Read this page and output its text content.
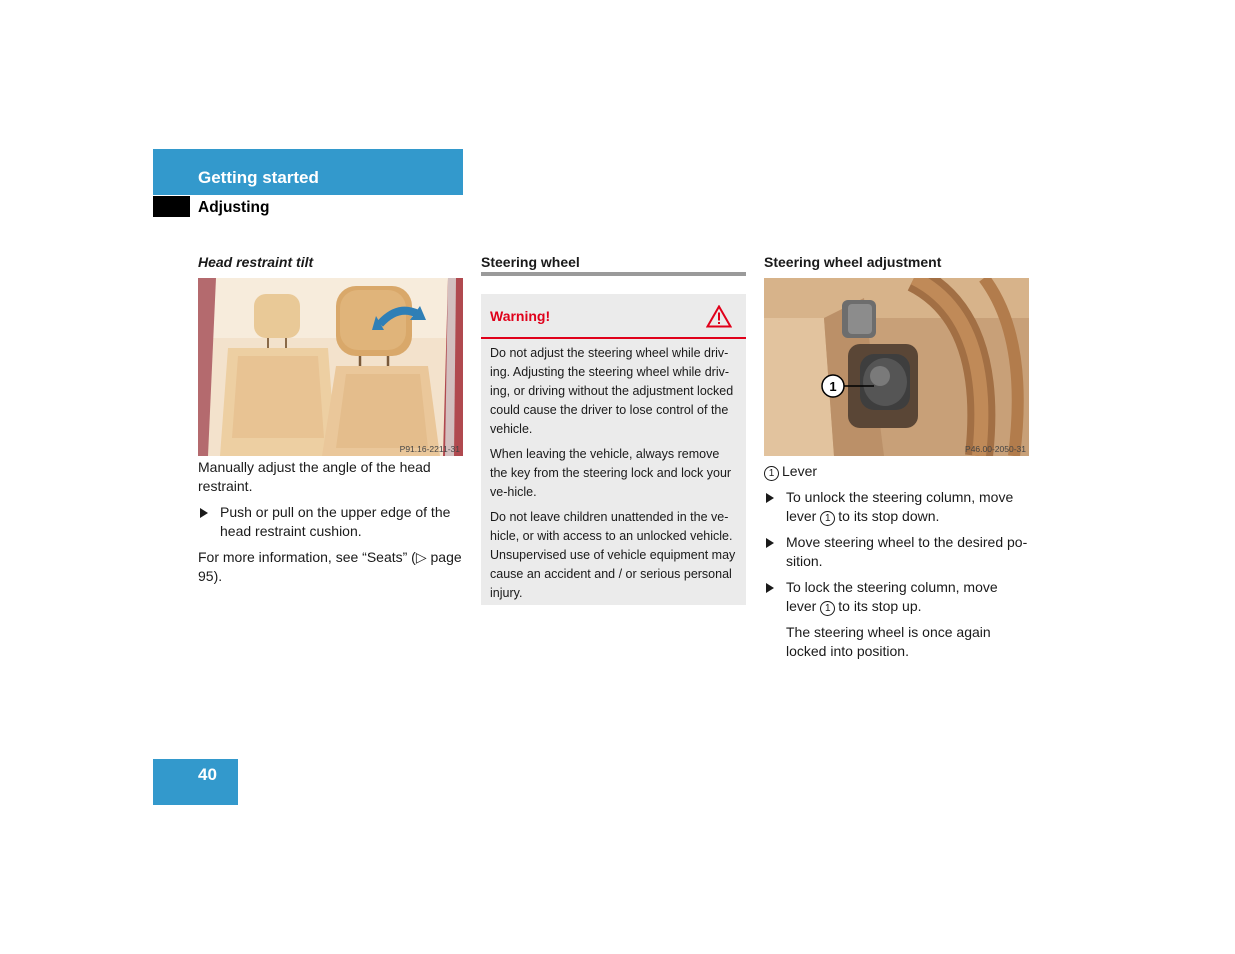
Getting started
Adjusting
Head restraint tilt
P91.16-2211-31

Manually adjust the angle of the head restraint.

Push or pull on the upper edge of the head restraint cushion.

For more information, see “Seats” (▷ page 95).

Steering wheel
Warning!

Do not adjust the steering wheel while driv-ing. Adjusting the steering wheel while driv-ing, or driving without the adjustment locked could cause the driver to lose control of the vehicle.

When leaving the vehicle, always remove the key from the steering lock and lock your ve-hicle.

Do not leave children unattended in the ve-hicle, or with access to an unlocked vehicle. Unsupervised use of vehicle equipment may cause an accident and / or serious personal injury.

Steering wheel adjustment
1
P46.00-2050-31

1 Lever

To unlock the steering column, move lever 1 to its stop down.
Move steering wheel to the desired po-sition.
To lock the steering column, move lever 1 to its stop up.

The steering wheel is once again locked into position.

40
